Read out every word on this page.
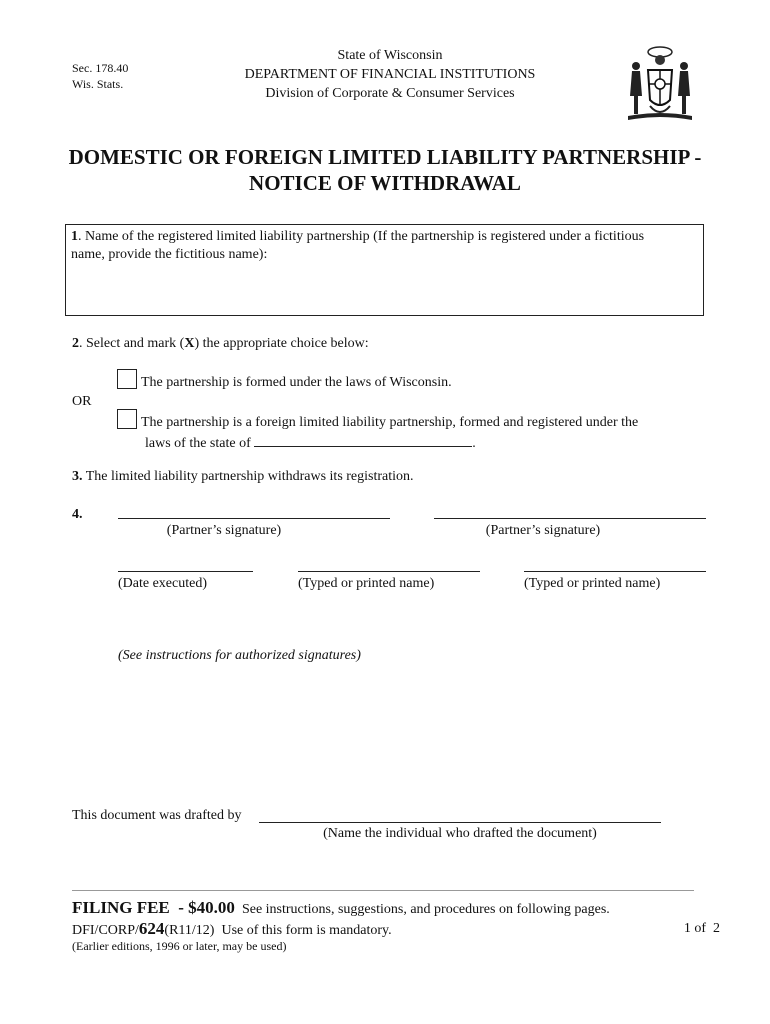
Sec. 178.40
Wis. Stats.
State of Wisconsin
DEPARTMENT OF FINANCIAL INSTITUTIONS
Division of Corporate & Consumer Services
DOMESTIC OR FOREIGN LIMITED LIABILITY PARTNERSHIP -
NOTICE OF WITHDRAWAL
1. Name of the registered limited liability partnership (If the partnership is registered under a fictitious
name, provide the fictitious name):
2. Select and mark (X) the appropriate choice below:
The partnership is formed under the laws of Wisconsin.
OR
The partnership is a foreign limited liability partnership, formed and registered under the
laws of the state of	.
3. The limited liability partnership withdraws its registration.
4.
(Partner’s signature)	(Partner’s signature)
(Date executed)	(Typed or printed name)	(Typed or printed name)
(See instructions for authorized signatures)
This document was drafted by
(Name the individual who drafted the document)
FILING FEE  - $40.00 See instructions, suggestions, and procedures on following pages.
DFI/CORP/624(R11/12) Use of this form is mandatory.	1 of  2
(Earlier editions, 1996 or later, may be used)
